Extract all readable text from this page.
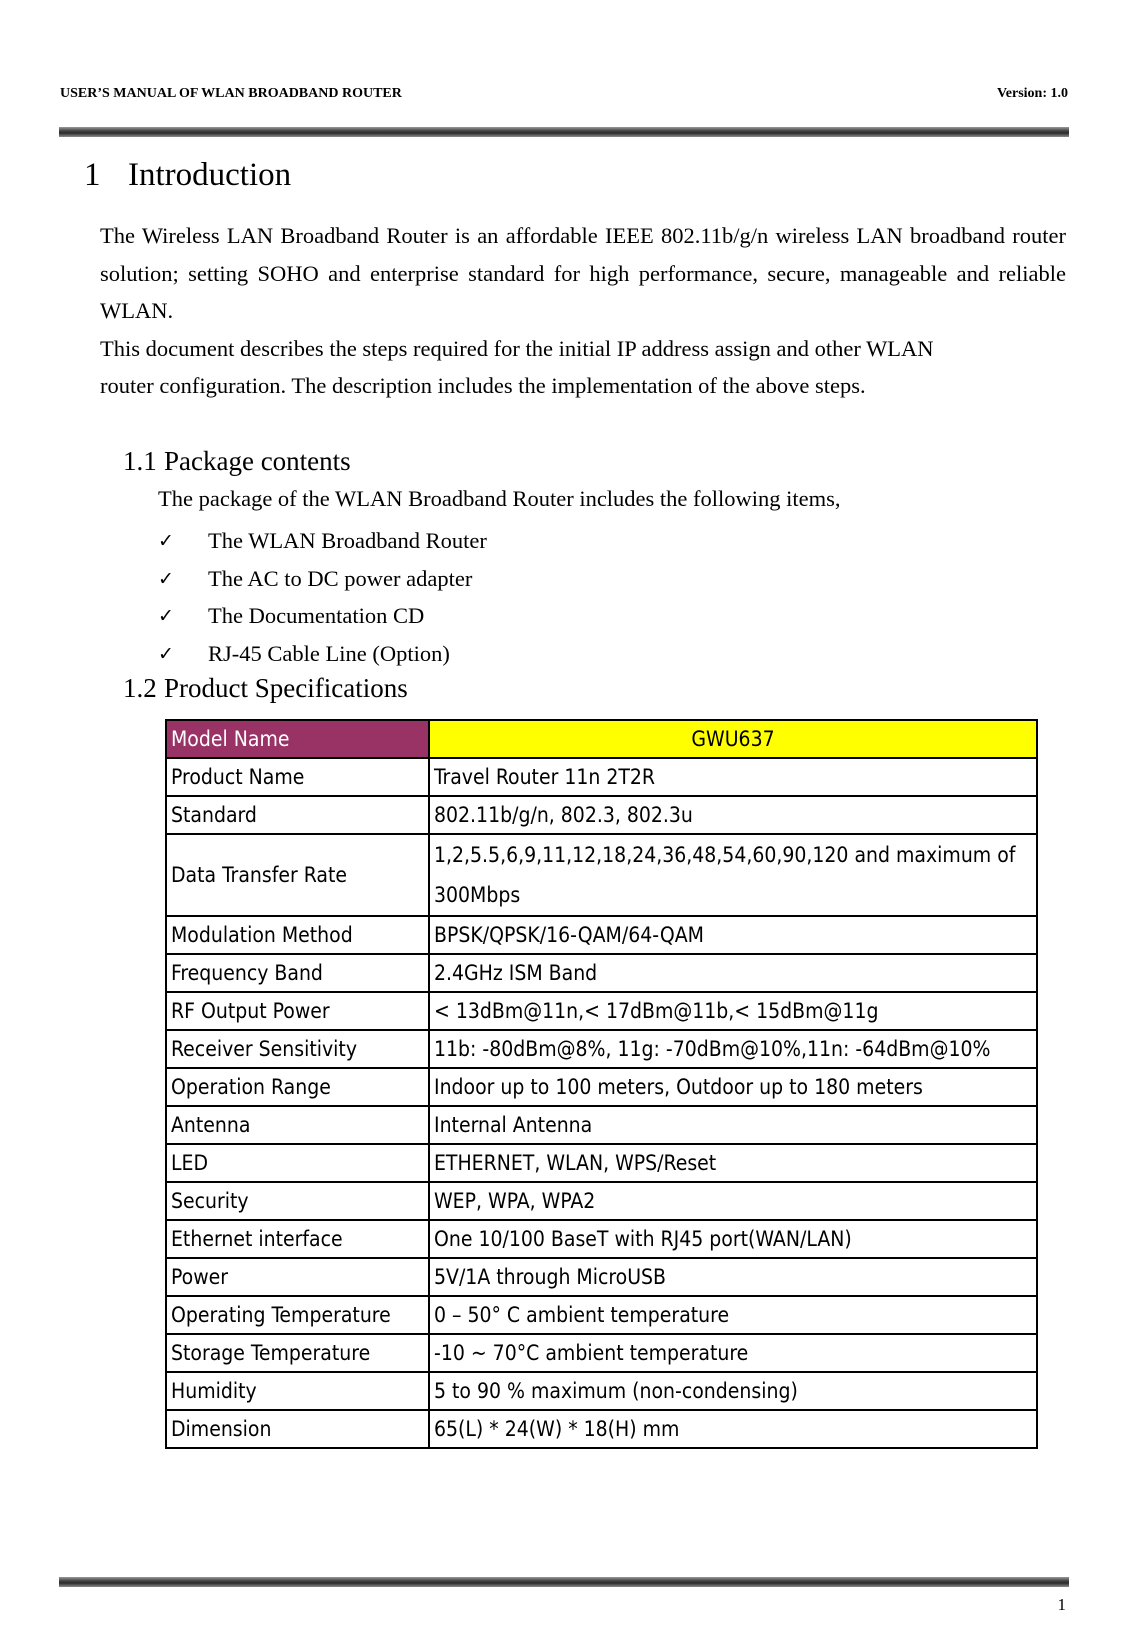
USER’S MANUAL OF WLAN BROADBAND ROUTER	Version: 1.0
1 Introduction

The Wireless LAN Broadband Router is an affordable IEEE 802.11b/g/n wireless LAN broadband router solution; setting SOHO and enterprise standard for high performance, secure, manageable and reliable WLAN.

This document describes the steps required for the initial IP address assign and other WLAN

router configuration. The description includes the implementation of the above steps.

1.1 Package contents
The package of the WLAN Broadband Router includes the following items,
✓	The WLAN Broadband Router
✓	The AC to DC power adapter
✓	The Documentation CD
✓	RJ-45 Cable Line (Option)
1.2 Product Specifications
Model Name	GWU637
Product Name	Travel Router 11n 2T2R
Standard	802.11b/g/n, 802.3, 802.3u
Data Transfer Rate	1,2,5.5,6,9,11,12,18,24,36,48,54,60,90,120 and maximum of 300Mbps
Modulation Method	BPSK/QPSK/16-QAM/64-QAM
Frequency Band	2.4GHz ISM Band
RF Output Power	< 13dBm@11n,< 17dBm@11b,< 15dBm@11g
Receiver Sensitivity	11b: -80dBm@8%, 11g: -70dBm@10%,11n: -64dBm@10%
Operation Range	Indoor up to 100 meters, Outdoor up to 180 meters
Antenna	Internal Antenna
LED	ETHERNET, WLAN, WPS/Reset
Security	WEP, WPA, WPA2
Ethernet interface	One 10/100 BaseT with RJ45 port(WAN/LAN)
Power	5V/1A through MicroUSB
Operating Temperature	0 – 50° C ambient temperature
Storage Temperature	-10 ~ 70°C ambient temperature
Humidity	5 to 90 % maximum (non-condensing)
Dimension	65(L) * 24(W) * 18(H) mm
1
